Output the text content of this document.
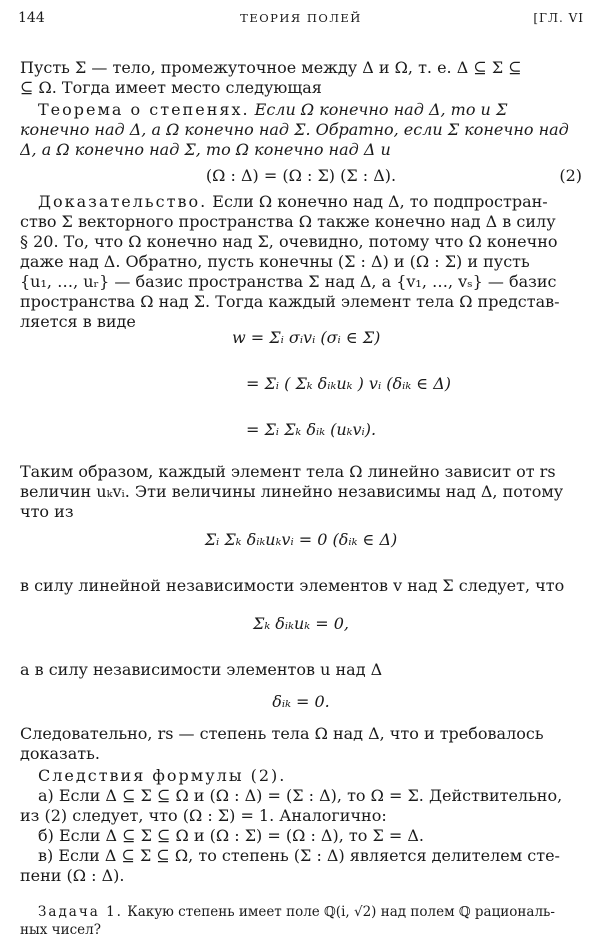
144	ТЕОРИЯ ПОЛЕЙ	[ГЛ. VI
Пусть Σ — тело, промежуточное между Δ и Ω, т. е. Δ ⊆ Σ ⊆
⊆ Ω. Тогда имеет место следующая
Теорема о степенях. Если Ω конечно над Δ, то и Σ
конечно над Δ, а Ω конечно над Σ. Обратно, если Σ конечно над
Δ, а Ω конечно над Σ, то Ω конечно над Δ и
(Ω : Δ) = (Ω : Σ) (Σ : Δ).	(2)
Доказательство. Если Ω конечно над Δ, то подпростран-
ство Σ векторного пространства Ω также конечно над Δ в силу
§ 20. То, что Ω конечно над Σ, очевидно, потому что Ω конечно
даже над Δ. Обратно, пусть конечны (Σ : Δ) и (Ω : Σ) и пусть
{u₁, …, uᵣ} — базис пространства Σ над Δ, а {v₁, …, vₛ} — базис
пространства Ω над Σ. Тогда каждый элемент тела Ω представ-
ляется в виде
w = Σᵢ σᵢvᵢ (σᵢ ∈ Σ)
= Σᵢ ( Σₖ δᵢₖuₖ ) vᵢ (δᵢₖ ∈ Δ)
= Σᵢ Σₖ δᵢₖ (uₖvᵢ).
Таким образом, каждый элемент тела Ω линейно зависит от rs
величин uₖvᵢ. Эти величины линейно независимы над Δ, потому
что из
Σᵢ Σₖ δᵢₖuₖvᵢ = 0 (δᵢₖ ∈ Δ)
в силу линейной независимости элементов v над Σ следует, что
Σₖ δᵢₖuₖ = 0,
а в силу независимости элементов u над Δ
δᵢₖ = 0.
Следовательно, rs — степень тела Ω над Δ, что и требовалось
доказать.
Следствия формулы (2).
а) Если Δ ⊆ Σ ⊆ Ω и (Ω : Δ) = (Σ : Δ), то Ω = Σ. Действительно,
из (2) следует, что (Ω : Σ) = 1. Аналогично:
б) Если Δ ⊆ Σ ⊆ Ω и (Ω : Σ) = (Ω : Δ), то Σ = Δ.
в) Если Δ ⊆ Σ ⊆ Ω, то степень (Σ : Δ) является делителем сте-
пени (Ω : Δ).
Задача 1. Какую степень имеет поле ℚ(i, √2) над полем ℚ рациональ-
ных чисел?
